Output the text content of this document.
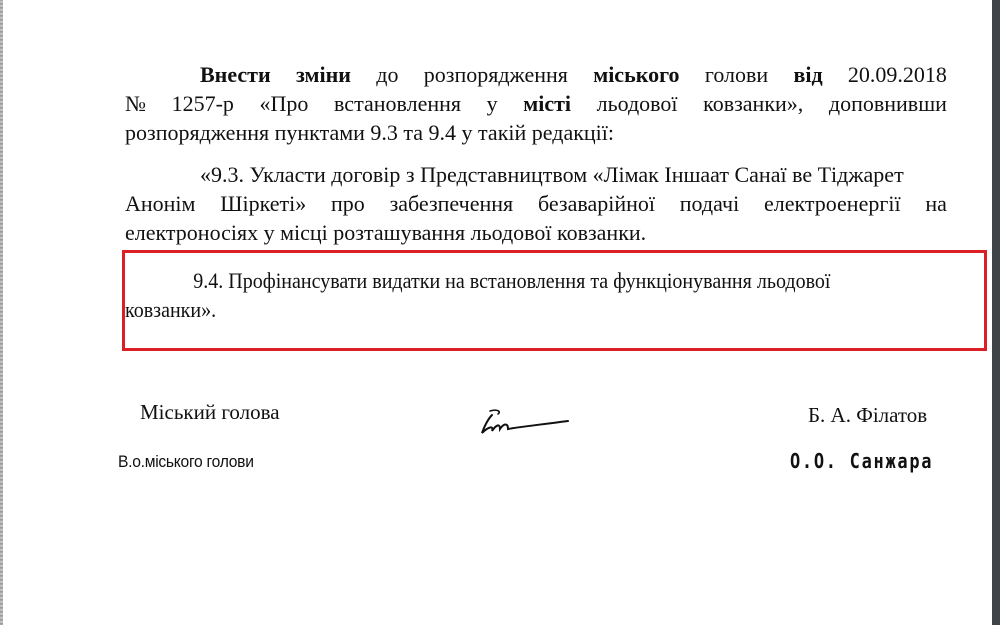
Внести зміни до розпорядження міського голови від 20.09.2018
№ 1257-р «Про встановлення у місті льодової ковзанки», доповнивши
розпорядження пунктами 9.3 та 9.4 у такій редакції:
«9.3. Укласти договір з Представництвом «Лімак Іншаат Санаї ве Тіджарет
Анонім Шіркеті» про забезпечення безаварійної подачі електроенергії на
електроносіях у місці розташування льодової ковзанки.
9.4. Профінансувати видатки на встановлення та функціонування льодової
ковзанки».
Міський голова	Б. А. Філатов
В.о.міського голови	О.О. Санжара
